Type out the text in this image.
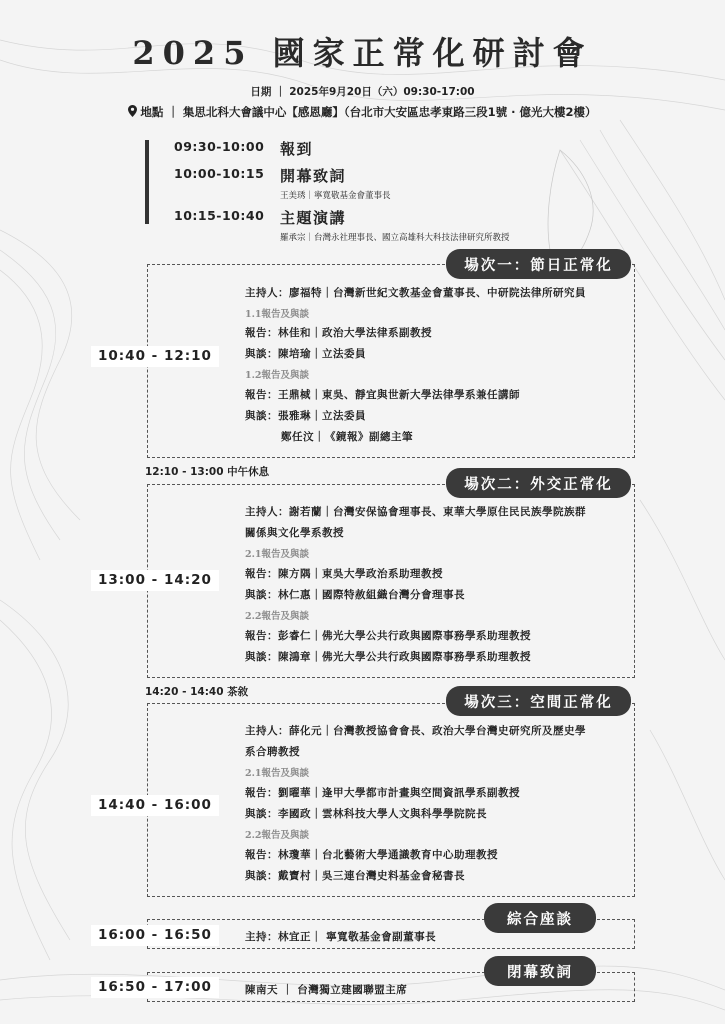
2025 國家正常化研討會
日期 ｜ 2025年9月20日（六）09:30-17:00
地點 ｜ 集思北科大會議中心【感恩廳】（台北市大安區忠孝東路三段1號 · 億光大樓2樓）
09:30-10:00	報到
10:00-10:15	開幕致詞
王美琇｜寧寬敬基金會董事長
10:15-10:40	主題演講
羅承宗｜台灣永社理事長、國立高雄科大科技法律研究所教授
場次一：節日正常化
10:40 - 12:10
主持人：廖福特｜台灣新世紀文教基金會董事長、中研院法律所研究員
1.1報告及與談
報告：林佳和｜政治大學法律系副教授
與談：陳培瑜｜立法委員
1.2報告及與談
報告：王鼎棫｜東吳、靜宜與世新大學法律學系兼任講師
與談：張雅琳｜立法委員
鄭任汶｜《鏡報》副總主筆
12:10 - 13:00 中午休息
場次二：外交正常化
13:00 - 14:20
主持人：謝若蘭｜台灣安保協會理事長、東華大學原住民民族學院族群
關係與文化學系教授
2.1報告及與談
報告：陳方隅｜東吳大學政治系助理教授
與談：林仁惠｜國際特赦組織台灣分會理事長
2.2報告及與談
報告：彭睿仁｜佛光大學公共行政與國際事務學系助理教授
與談：陳鴻章｜佛光大學公共行政與國際事務學系助理教授
14:20 - 14:40 茶敘
場次三：空間正常化
14:40 - 16:00
主持人：薛化元｜台灣教授協會會長、政治大學台灣史研究所及歷史學
系合聘教授
2.1報告及與談
報告：劉曜華｜逢甲大學都市計畫與空間資訊學系副教授
與談：李國政｜雲林科技大學人文與科學學院院長
2.2報告及與談
報告：林瓊華｜台北藝術大學通識教育中心助理教授
與談：戴寶村｜吳三連台灣史料基金會秘書長
綜合座談
16:00 - 16:50	主持：林宜正｜ 寧寬敬基金會副董事長
閉幕致詞
16:50 - 17:00	陳南天 ｜ 台灣獨立建國聯盟主席
